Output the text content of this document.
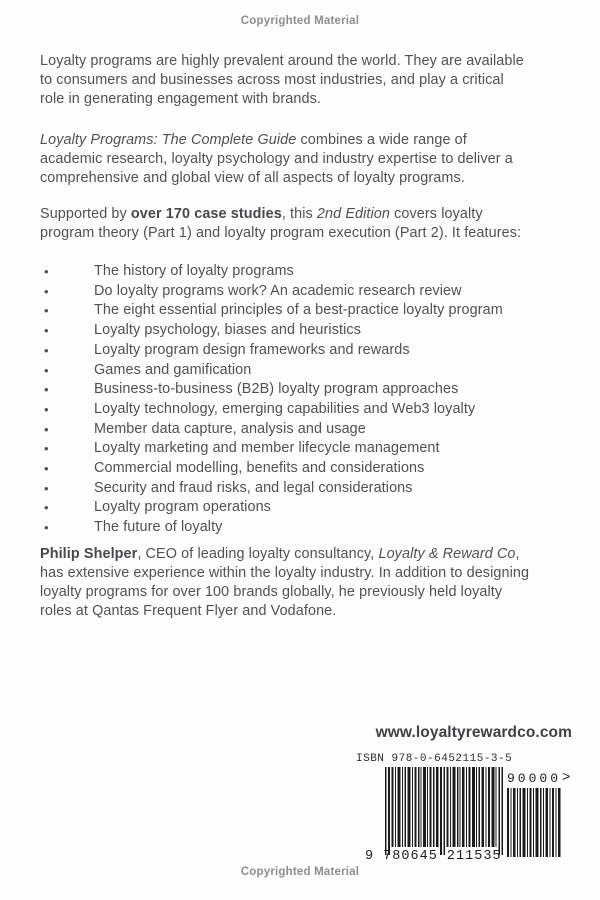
Copyrighted Material

Loyalty programs are highly prevalent around the world. They are available to consumers and businesses across most industries, and play a critical role in generating engagement with brands.

Loyalty Programs: The Complete Guide combines a wide range of academic research, loyalty psychology and industry expertise to deliver a comprehensive and global view of all aspects of loyalty programs.

Supported by over 170 case studies, this 2nd Edition covers loyalty program theory (Part 1) and loyalty program execution (Part 2). It features:

•	The history of loyalty programs
•	Do loyalty programs work? An academic research review
•	The eight essential principles of a best-practice loyalty program
•	Loyalty psychology, biases and heuristics
•	Loyalty program design frameworks and rewards
•	Games and gamification
•	Business-to-business (B2B) loyalty program approaches
•	Loyalty technology, emerging capabilities and Web3 loyalty
•	Member data capture, analysis and usage
•	Loyalty marketing and member lifecycle management
•	Commercial modelling, benefits and considerations
•	Security and fraud risks, and legal considerations
•	Loyalty program operations
•	The future of loyalty

Philip Shelper, CEO of leading loyalty consultancy, Loyalty & Reward Co, has extensive experience within the loyalty industry. In addition to designing loyalty programs for over 100 brands globally, he previously held loyalty roles at Qantas Frequent Flyer and Vodafone.

www.loyaltyrewardco.com
ISBN 978-0-6452115-3-5
9 780645 211535
90000 >
Copyrighted Material
